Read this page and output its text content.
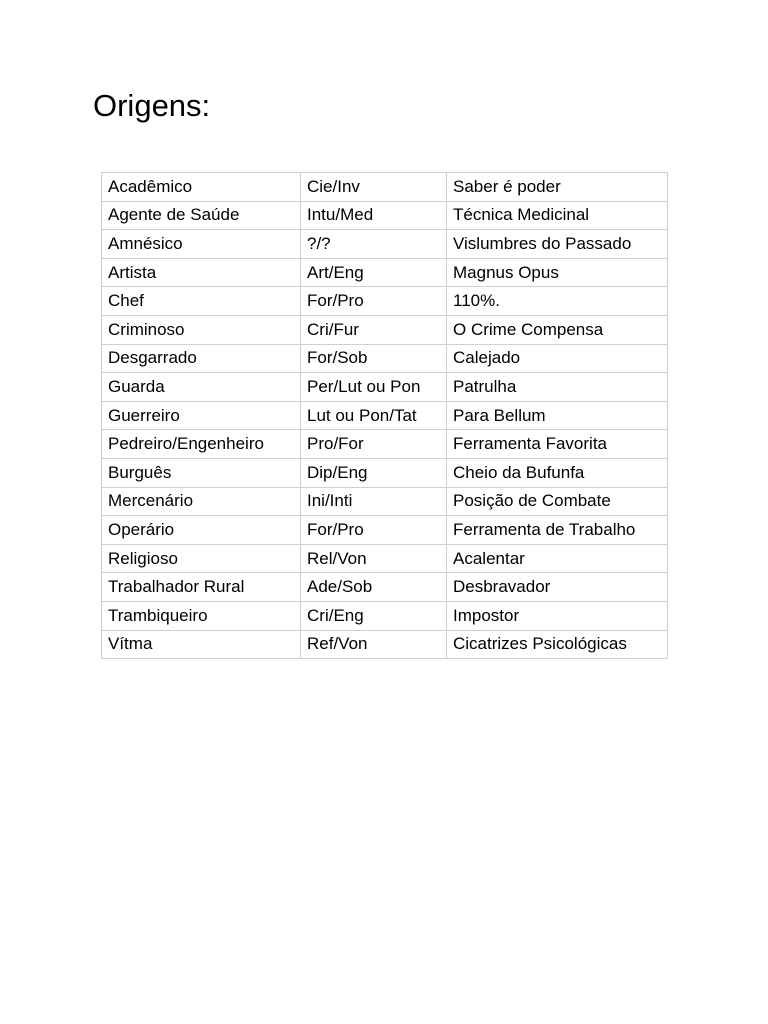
Origens:
Acadêmico	Cie/Inv	Saber é poder
Agente de Saúde	Intu/Med	Técnica Medicinal
Amnésico	?/?	Vislumbres do Passado
Artista	Art/Eng	Magnus Opus
Chef	For/Pro	110%.
Criminoso	Cri/Fur	O Crime Compensa
Desgarrado	For/Sob	Calejado
Guarda	Per/Lut ou Pon	Patrulha
Guerreiro	Lut ou Pon/Tat	Para Bellum
Pedreiro/Engenheiro	Pro/For	Ferramenta Favorita
Burguês	Dip/Eng	Cheio da Bufunfa
Mercenário	Ini/Inti	Posição de Combate
Operário	For/Pro	Ferramenta de Trabalho
Religioso	Rel/Von	Acalentar
Trabalhador Rural	Ade/Sob	Desbravador
Trambiqueiro	Cri/Eng	Impostor
Vítma	Ref/Von	Cicatrizes Psicológicas
